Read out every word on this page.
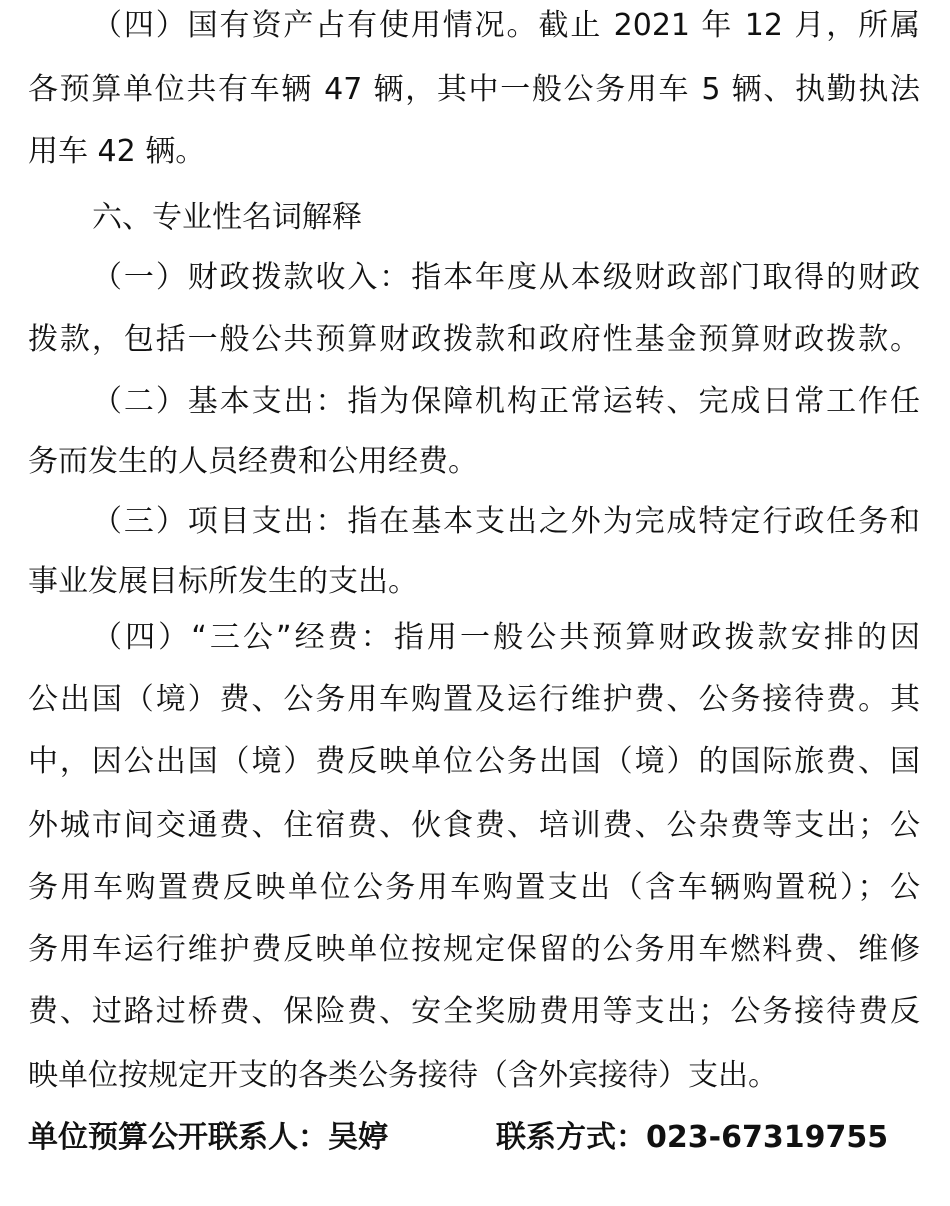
（四）国有资产占有使用情况。截止 2021 年 12 月，所属
各预算单位共有车辆 47 辆，其中一般公务用车 5 辆、执勤执法
用车 42 辆。
六、专业性名词解释
（一）财政拨款收入：指本年度从本级财政部门取得的财政
拨款，包括一般公共预算财政拨款和政府性基金预算财政拨款。
（二）基本支出：指为保障机构正常运转、完成日常工作任
务而发生的人员经费和公用经费。
（三）项目支出：指在基本支出之外为完成特定行政任务和
事业发展目标所发生的支出。
（四）“三公”经费：指用一般公共预算财政拨款安排的因
公出国（境）费、公务用车购置及运行维护费、公务接待费。其
中，因公出国（境）费反映单位公务出国（境）的国际旅费、国
外城市间交通费、住宿费、伙食费、培训费、公杂费等支出；公
务用车购置费反映单位公务用车购置支出（含车辆购置税）；公
务用车运行维护费反映单位按规定保留的公务用车燃料费、维修
费、过路过桥费、保险费、安全奖励费用等支出；公务接待费反
映单位按规定开支的各类公务接待（含外宾接待）支出。
单位预算公开联系人：吴婷	联系方式：023-67319755
